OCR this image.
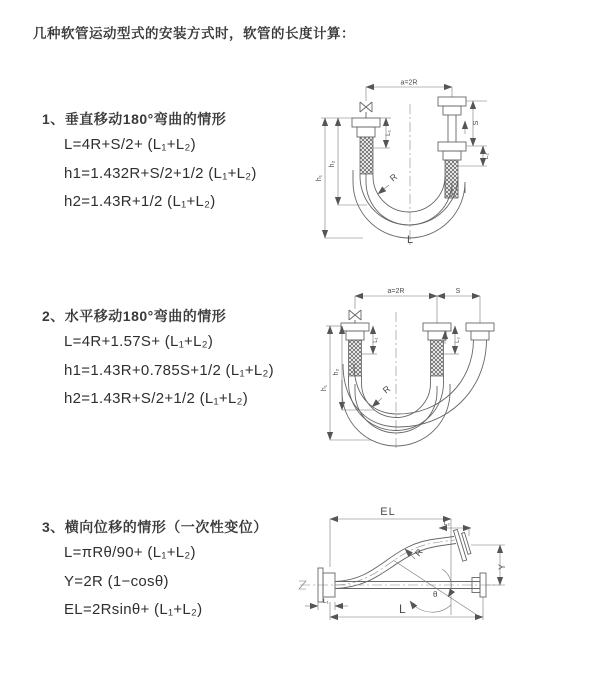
几种软管运动型式的安装方式时，软管的长度计算：
1、垂直移动180°弯曲的情形
L=4R+S/2+ (L₁+L₂)
h1=1.432R+S/2+1/2 (L₁+L₂)
h2=1.43R+1/2 (L₁+L₂)
2、水平移动180°弯曲的情形
L=4R+1.57S+ (L₁+L₂)
h1=1.43R+0.785S+1/2 (L₁+L₂)
h2=1.43R+S/2+1/2 (L₁+L₂)
3、横向位移的情形（一次性变位）
L=πRθ/90+ (L₁+L₂)
Y=2R (1−cosθ)
EL=2Rsinθ+ (L₁+L₂)
a=2R
L₁
h₁
h₂
S
L₂
R
L
a=2R	S
L₁	L₂
h₁
h₂
R
EL
L₂
L₁
L
Y
θ
R
